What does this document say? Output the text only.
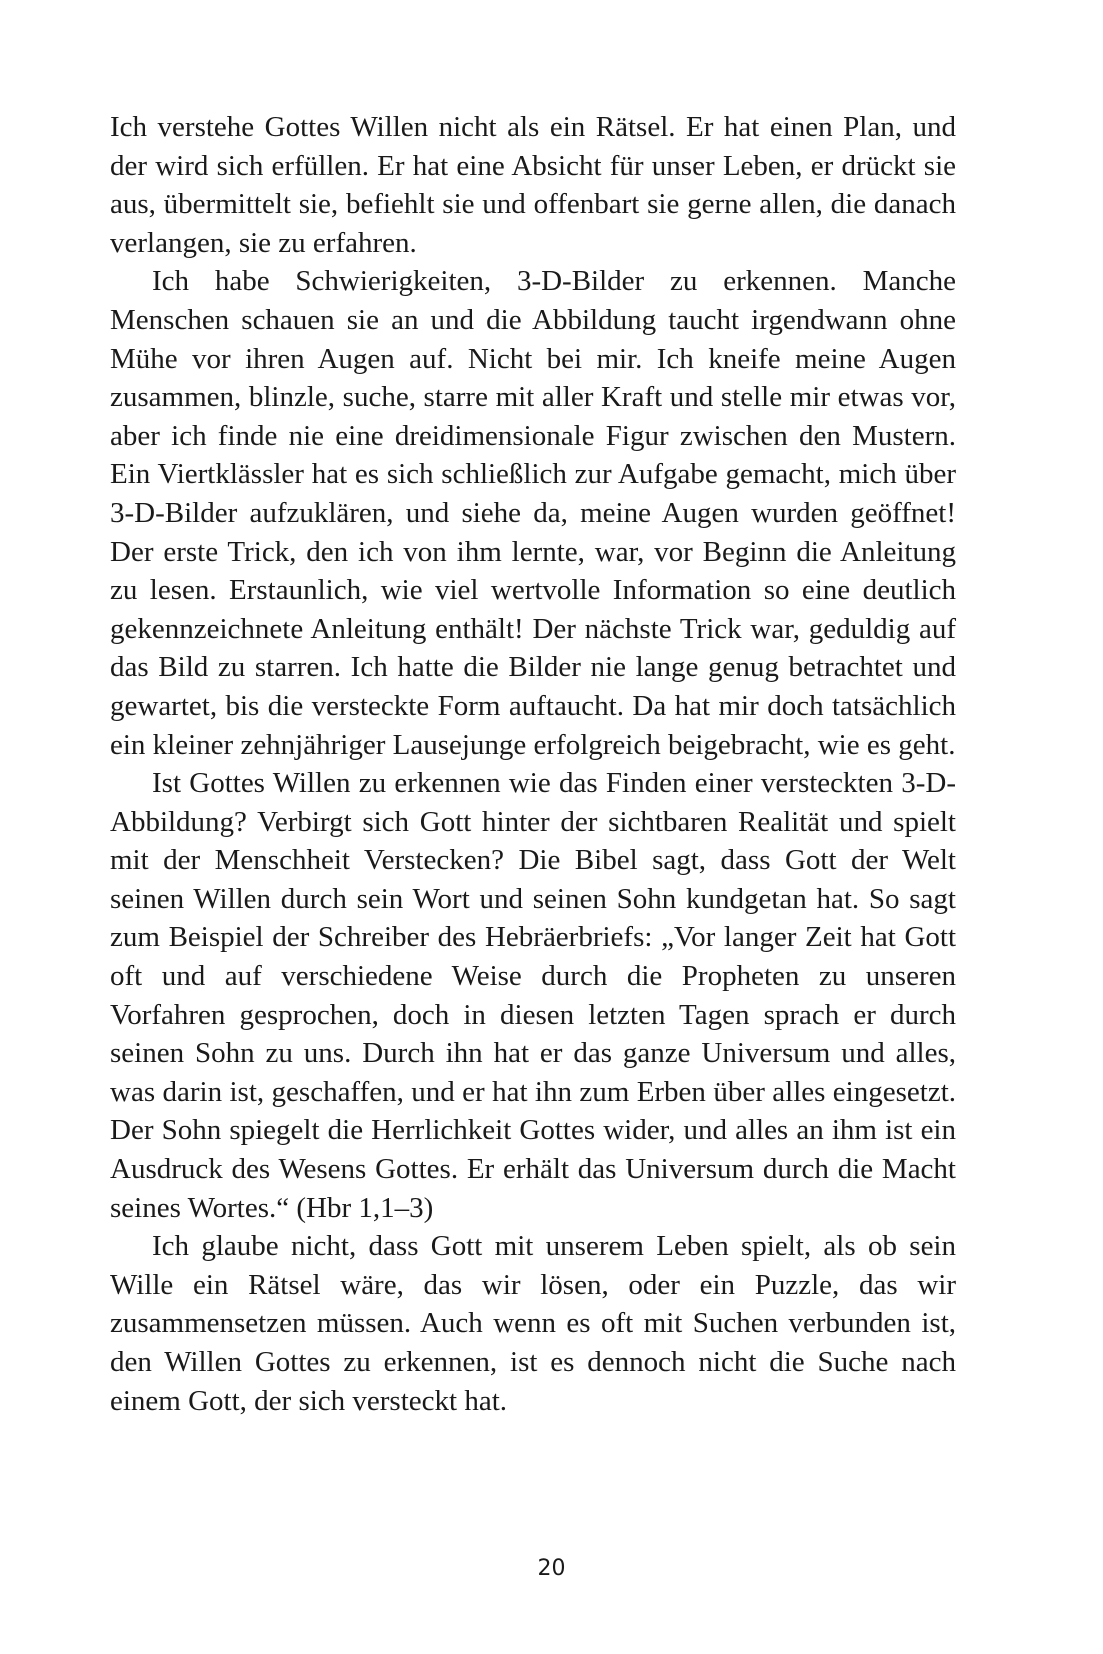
Ich verstehe Gottes Willen nicht als ein Rätsel. Er hat einen Plan, und der wird sich erfüllen. Er hat eine Absicht für unser Leben, er drückt sie aus, übermittelt sie, befiehlt sie und offenbart sie gerne allen, die danach verlangen, sie zu erfahren.

Ich habe Schwierigkeiten, 3-D-Bilder zu erkennen. Manche Menschen schauen sie an und die Abbildung taucht irgendwann ohne Mühe vor ihren Augen auf. Nicht bei mir. Ich kneife meine Augen zusammen, blinzle, suche, starre mit aller Kraft und stelle mir etwas vor, aber ich finde nie eine dreidimensionale Figur zwischen den Mustern. Ein Viertklässler hat es sich schließlich zur Aufgabe gemacht, mich über 3-D-Bilder aufzuklären, und siehe da, meine Augen wurden geöffnet! Der erste Trick, den ich von ihm lernte, war, vor Beginn die Anleitung zu lesen. Erstaunlich, wie viel wertvolle Information so eine deutlich gekennzeichnete Anleitung enthält! Der nächste Trick war, geduldig auf das Bild zu starren. Ich hatte die Bilder nie lange genug betrachtet und gewartet, bis die versteckte Form auftaucht. Da hat mir doch tatsächlich ein kleiner zehnjähriger Lausejunge erfolgreich beigebracht, wie es geht.

Ist Gottes Willen zu erkennen wie das Finden einer versteckten 3-D-Abbildung? Verbirgt sich Gott hinter der sichtbaren Realität und spielt mit der Menschheit Verstecken? Die Bibel sagt, dass Gott der Welt seinen Willen durch sein Wort und seinen Sohn kundgetan hat. So sagt zum Beispiel der Schreiber des Hebräerbriefs: „Vor langer Zeit hat Gott oft und auf verschiedene Weise durch die Propheten zu unseren Vorfahren gesprochen, doch in diesen letzten Tagen sprach er durch seinen Sohn zu uns. Durch ihn hat er das ganze Universum und alles, was darin ist, geschaffen, und er hat ihn zum Erben über alles eingesetzt. Der Sohn spiegelt die Herrlichkeit Gottes wider, und alles an ihm ist ein Ausdruck des Wesens Gottes. Er erhält das Universum durch die Macht seines Wortes.“ (Hbr 1,1–3)

Ich glaube nicht, dass Gott mit unserem Leben spielt, als ob sein Wille ein Rätsel wäre, das wir lösen, oder ein Puzzle, das wir zusammensetzen müssen. Auch wenn es oft mit Suchen verbunden ist, den Willen Gottes zu erkennen, ist es dennoch nicht die Suche nach einem Gott, der sich versteckt hat.

20
